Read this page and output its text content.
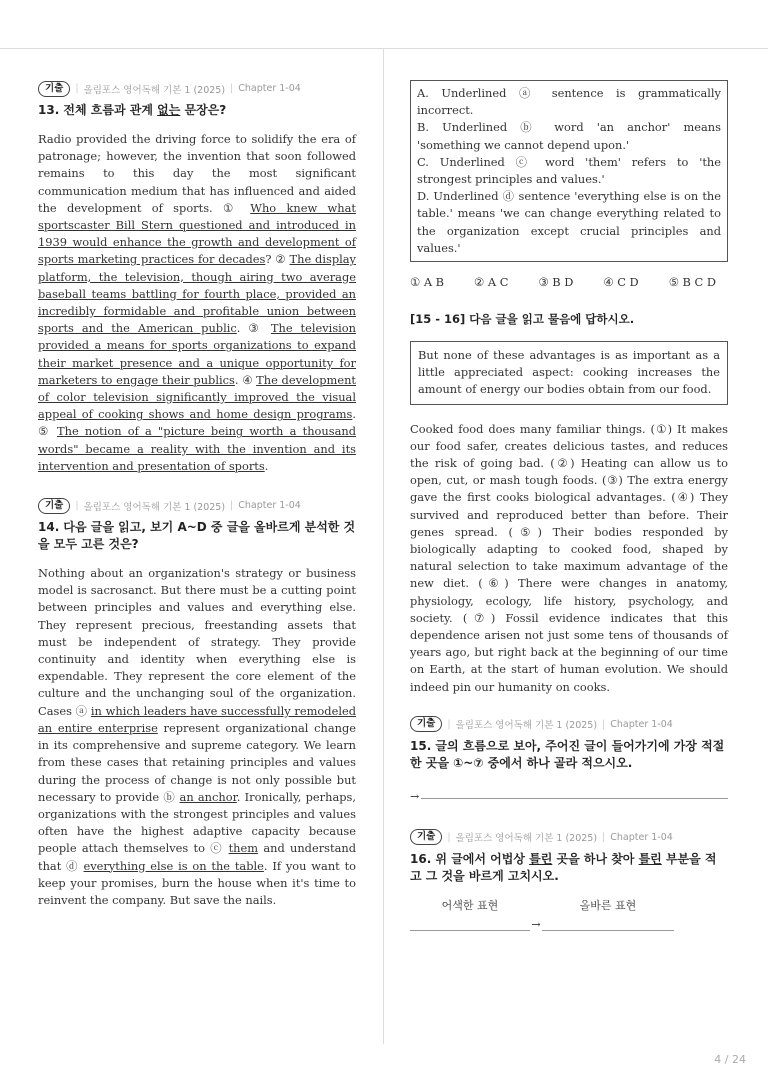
기출	| 올림포스 영어독해 기본 1 (2025) | Chapter 1-04
13. 전체 흐름과 관계 없는 문장은?

Radio provided the driving force to solidify the era of patronage; however, the invention that soon followed remains to this day the most significant communication medium that has influenced and aided the development of sports. ① Who knew what sportscaster Bill Stern questioned and introduced in 1939 would enhance the growth and development of sports marketing practices for decades? ② The display platform, the television, though airing two average baseball teams battling for fourth place, provided an incredibly formidable and profitable union between sports and the American public. ③ The television provided a means for sports organizations to expand their market presence and a unique opportunity for marketers to engage their publics. ④ The development of color television significantly improved the visual appeal of cooking shows and home design programs. ⑤ The notion of a "picture being worth a thousand words" became a reality with the invention and its intervention and presentation of sports.

기출	| 올림포스 영어독해 기본 1 (2025) | Chapter 1-04
14. 다음 글을 읽고, 보기 A~D 중 글을 올바르게 분석한 것을 모두 고른 것은?

Nothing about an organization's strategy or business model is sacrosanct. But there must be a cutting point between principles and values and everything else. They represent precious, freestanding assets that must be independent of strategy. They provide continuity and identity when everything else is expendable. They represent the core element of the culture and the unchanging soul of the organization. Cases ⓐ in which leaders have successfully remodeled an entire enterprise represent organizational change in its comprehensive and supreme category. We learn from these cases that retaining principles and values during the process of change is not only possible but necessary to provide ⓑ an anchor. Ironically, perhaps, organizations with the strongest principles and values often have the highest adaptive capacity because people attach themselves to ⓒ them and understand that ⓓ everything else is on the table. If you want to keep your promises, burn the house when it's time to reinvent the company. But save the nails.

A. Underlined ⓐ sentence is grammatically incorrect.
B. Underlined ⓑ word 'an anchor' means 'something we cannot depend upon.'
C. Underlined ⓒ word 'them' refers to 'the strongest principles and values.'
D. Underlined ⓓ sentence 'everything else is on the table.' means 'we can change everything related to the organization except crucial principles and values.'
① A B	② A C	③ B D	④ C D	⑤ B C D
[15 - 16] 다음 글을 읽고 물음에 답하시오.
But none of these advantages is as important as a little appreciated aspect: cooking increases the amount of energy our bodies obtain from our food.

Cooked food does many familiar things. (①) It makes our food safer, creates delicious tastes, and reduces the risk of going bad. (②) Heating can allow us to open, cut, or mash tough foods. (③) The extra energy gave the first cooks biological advantages. (④) They survived and reproduced better than before. Their genes spread. (⑤) Their bodies responded by biologically adapting to cooked food, shaped by natural selection to take maximum advantage of the new diet. (⑥) There were changes in anatomy, physiology, ecology, life history, psychology, and society. (⑦) Fossil evidence indicates that this dependence arisen not just some tens of thousands of years ago, but right back at the beginning of our time on Earth, at the start of human evolution. We should indeed pin our humanity on cooks.

기출	| 올림포스 영어독해 기본 1 (2025) | Chapter 1-04
15. 글의 흐름으로 보아, 주어진 글이 들어가기에 가장 적절한 곳을 ①~⑦ 중에서 하나 골라 적으시오.
→
기출	| 올림포스 영어독해 기본 1 (2025) | Chapter 1-04
16. 위 글에서 어법상 틀린 곳을 하나 찾아 틀린 부분을 적고 그 것을 바르게 고치시오.
어색한 표현	올바른 표현
→
4 / 24
